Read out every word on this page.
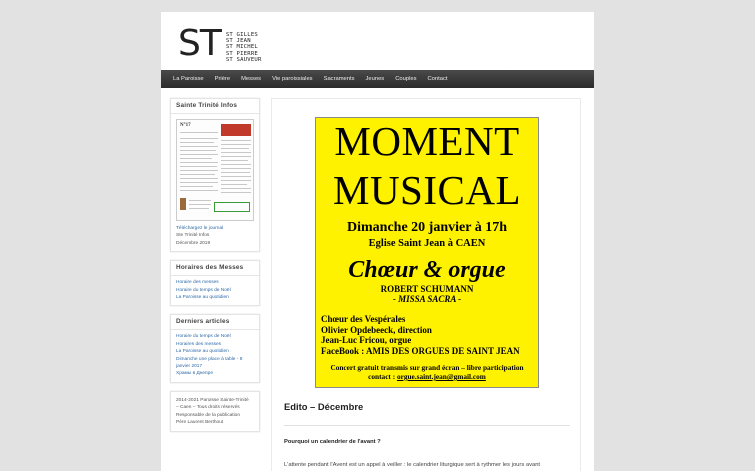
ST ST GILLES
ST JEAN
ST MICHEL
ST PIERRE
ST SAUVEUR
La Paroisse Prière Messes Vie paroissiales Sacraments Jeunes Couples Contact
Sainte Trinité Infos
N°17
Téléchargez le journal
Ste Trinité Infos
Décembre 2019
Horaires des Messes
Horaire des messes
Horaire du temps de Noël
La Paroisse au quotidien
Derniers articles
Horaire du temps de Noël
Horaires des messes
La Paroisse au quotidien
Dimanche une place à table - 8
janvier 2017
Храмы в Днепре
2014-2021 Paroisse Sainte-Trinité
– Caen – Tous droits réservés
Responsable de la publication
Père Laurent Berthout
MOMENT
MUSICAL
Dimanche 20 janvier à 17h
Eglise Saint Jean à CAEN
Chœur & orgue
ROBERT SCHUMANN
- MISSA SACRA -
Chœur des Vespérales
Olivier Opdebeeck, direction
Jean-Luc Fricou, orgue
FaceBook : AMIS DES ORGUES DE SAINT JEAN
Concert gratuit transmis sur grand écran – libre participation
contact : orgue.saint.jean@gmail.com
Edito – Décembre
Pourquoi un calendrier de l'avant ?
L'attente pendant l'Avent est un appel à veiller : le calendrier liturgique sert à rythmer les jours avant
